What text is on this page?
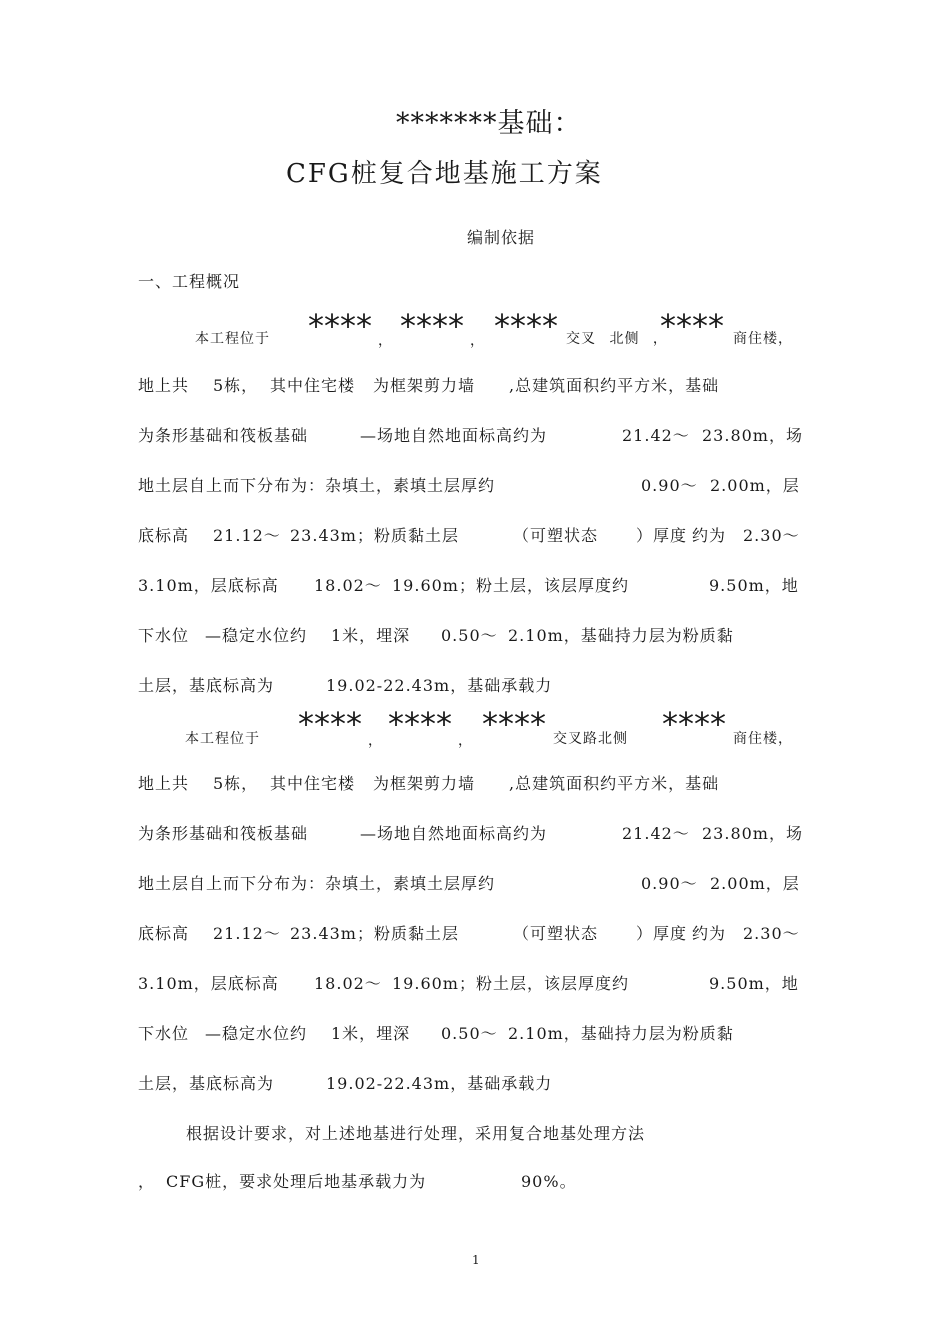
*******基础：
CFG桩复合地基施工方案
编制依据
一、工程概况
本工程位于 **** ， **** ， **** 交叉 北侧 ，
**** 商住楼，
地上共 5栋， 其中住宅楼 为框架剪力墙 ,总建筑面积约平方米，基础
为条形基础和筏板基础	—场地自然地面标高约为	21.42～ 23.80m，场
地土层自上而下分布为：杂填土，素填土层厚约	0.90～ 2.00m，层
底标高 21.12～ 23.43m；粉质黏土层	（可塑状态 ）厚度 约为 2.30～
3.10m，层底标高 18.02～ 19.60m；粉土层，该层厚度约	9.50m，地
下水位 —稳定水位约 1米，埋深 0.50～ 2.10m，基础持力层为粉质黏
土层，基底标高为	19.02-22.43m，基础承载力
本工程位于 **** ， **** ， **** 交叉路北侧 **** 商住楼，
地上共 5栋， 其中住宅楼 为框架剪力墙 ,总建筑面积约平方米，基础
为条形基础和筏板基础	—场地自然地面标高约为	21.42～ 23.80m，场
地土层自上而下分布为：杂填土，素填土层厚约	0.90～ 2.00m，层
底标高 21.12～ 23.43m；粉质黏土层	（可塑状态 ）厚度 约为 2.30～
3.10m，层底标高 18.02～ 19.60m；粉土层，该层厚度约	9.50m，地
下水位 —稳定水位约 1米，埋深 0.50～ 2.10m，基础持力层为粉质黏
土层，基底标高为	19.02-22.43m，基础承载力
根据设计要求，对上述地基进行处理，采用复合地基处理方法
， CFG桩，要求处理后地基承载力为	90%。
1
